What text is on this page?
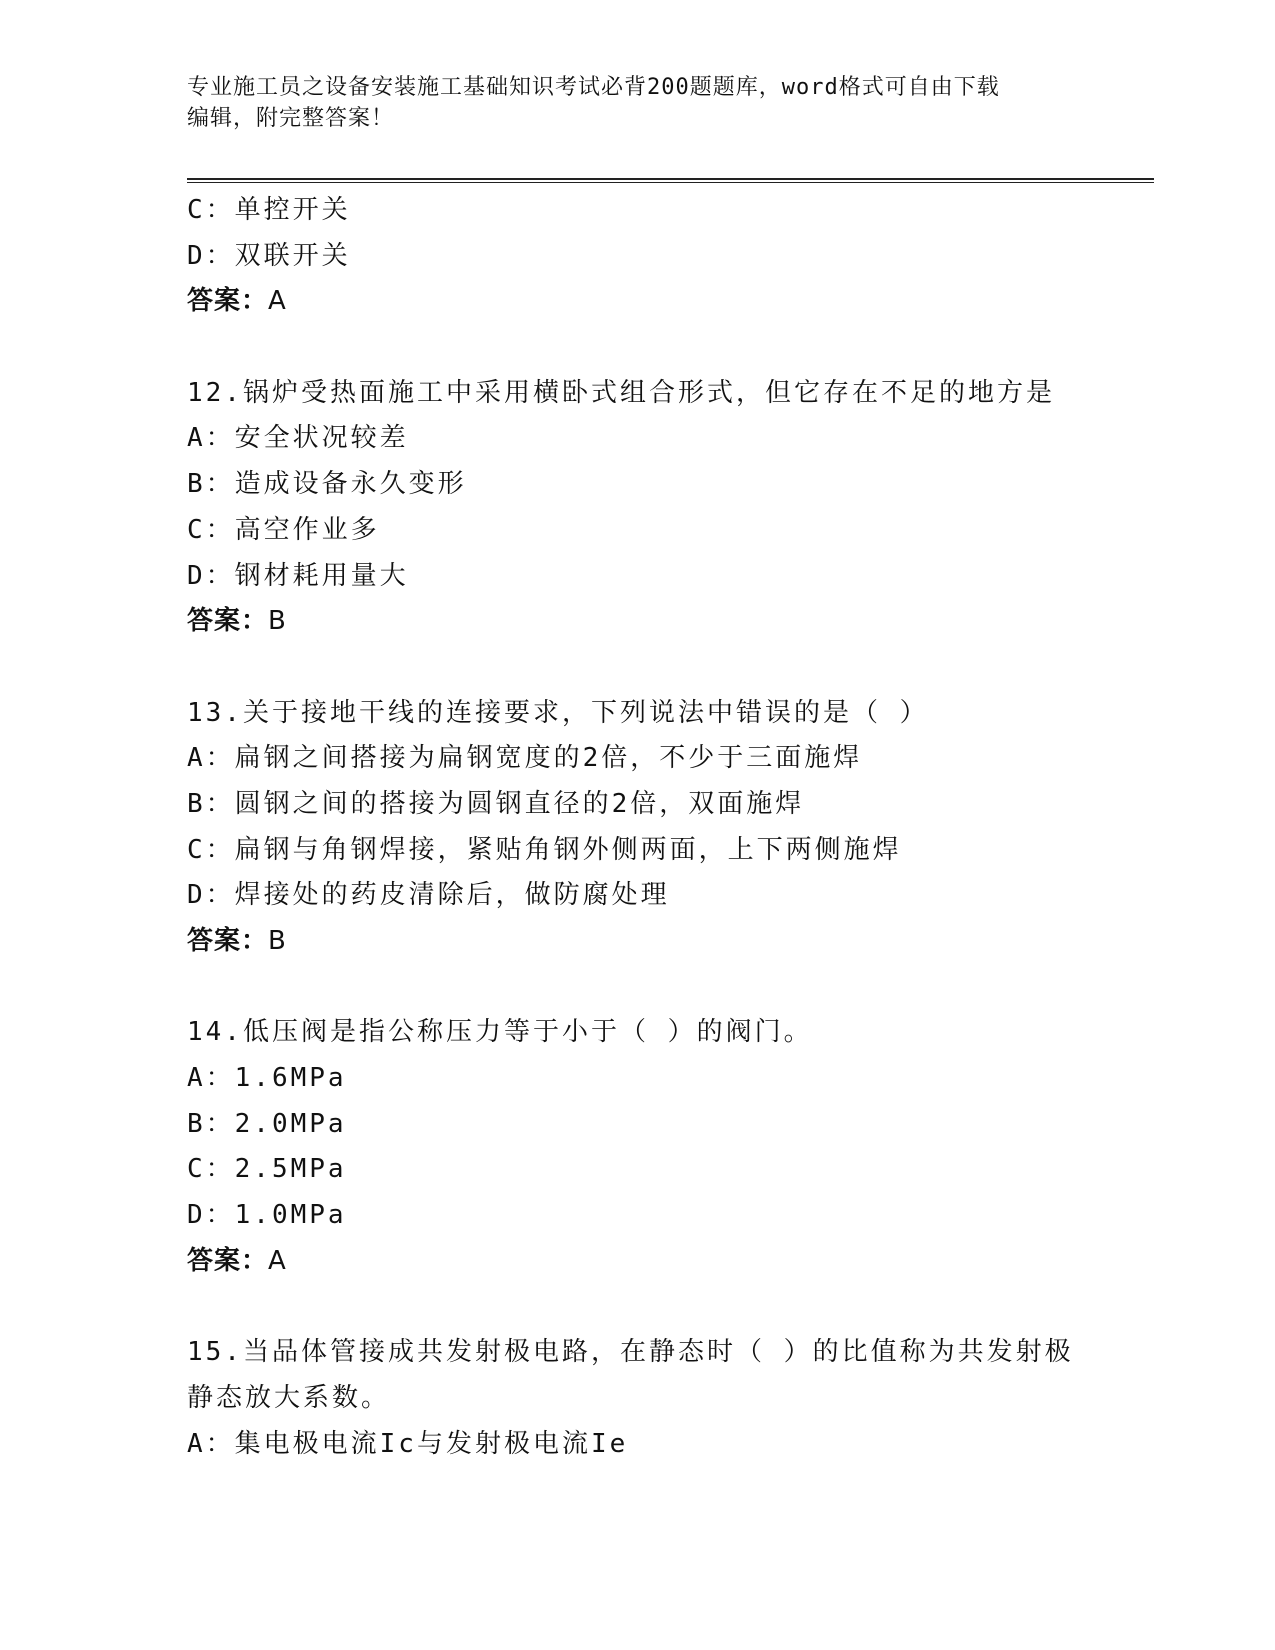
专业施工员之设备安装施工基础知识考试必背200题题库，word格式可自由下载
编辑，附完整答案！
C：单控开关
D：双联开关
答案：A
12.锅炉受热面施工中采用横卧式组合形式，但它存在不足的地方是
A：安全状况较差
B：造成设备永久变形
C：高空作业多
D：钢材耗用量大
答案：B
13.关于接地干线的连接要求，下列说法中错误的是（ ）
A：扁钢之间搭接为扁钢宽度的2倍，不少于三面施焊
B：圆钢之间的搭接为圆钢直径的2倍，双面施焊
C：扁钢与角钢焊接，紧贴角钢外侧两面，上下两侧施焊
D：焊接处的药皮清除后，做防腐处理
答案：B
14.低压阀是指公称压力等于小于（ ）的阀门。
A：1.6MPa
B：2.0MPa
C：2.5MPa
D：1.0MPa
答案：A
15.当品体管接成共发射极电路，在静态时（ ）的比值称为共发射极
静态放大系数。
A：集电极电流Ic与发射极电流Ie
